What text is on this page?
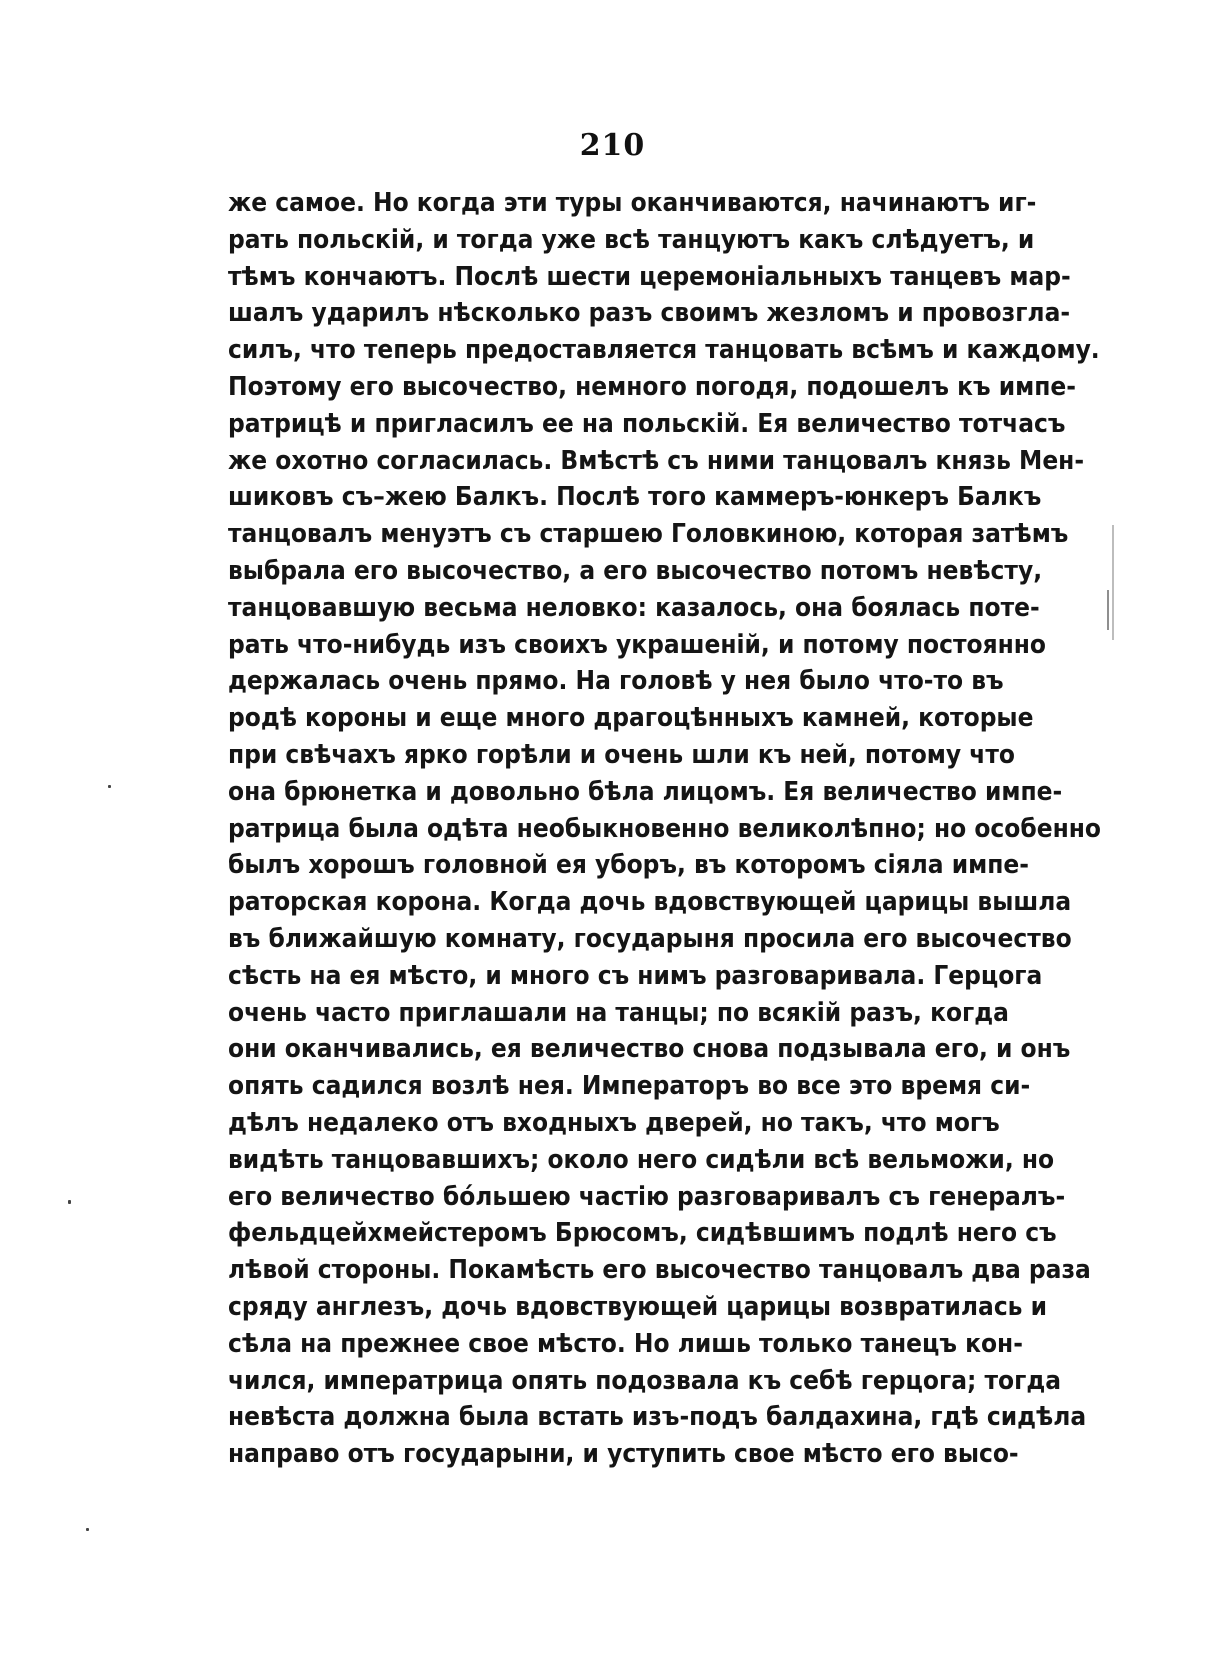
210
же самое. Но когда эти туры оканчиваются, начинаютъ иг-
рать польскій, и тогда уже всѣ танцуютъ какъ слѣдуетъ, и
тѣмъ кончаютъ. Послѣ шести церемоніальныхъ танцевъ мар-
шалъ ударилъ нѣсколько разъ своимъ жезломъ и провозгла-
силъ, что теперь предоставляется танцовать всѣмъ и каждому.
Поэтому его высочество, немного погодя, подошелъ къ импе-
ратрицѣ и пригласилъ ее на польскій. Ея величество тотчасъ
же охотно согласилась. Вмѣстѣ съ ними танцовалъ князь Мен-
шиковъ съ–жею Балкъ. Послѣ того каммеръ-юнкеръ Балкъ
танцовалъ менуэтъ съ старшею Головкиною, которая затѣмъ
выбрала его высочество, а его высочество потомъ невѣсту,
танцовавшую весьма неловко: казалось, она боялась поте-
рать что-нибудь изъ своихъ украшеній, и потому постоянно
держалась очень прямо. На головѣ у нея было что-то въ
родѣ короны и еще много драгоцѣнныхъ камней, которые
при свѣчахъ ярко горѣли и очень шли къ ней, потому что
она брюнетка и довольно бѣла лицомъ. Ея величество импе-
ратрица была одѣта необыкновенно великолѣпно; но особенно
былъ хорошъ головной ея уборъ, въ которомъ сіяла импе-
раторская корона. Когда дочь вдовствующей царицы вышла
въ ближайшую комнату, государыня просила его высочество
сѣсть на ея мѣсто, и много съ нимъ разговаривала. Герцога
очень часто приглашали на танцы; по всякій разъ, когда
они оканчивались, ея величество снова подзывала его, и онъ
опять садился возлѣ нея. Императоръ во все это время си-
дѣлъ недалеко отъ входныхъ дверей, но такъ, что могъ
видѣть танцовавшихъ; около него сидѣли всѣ вельможи, но
его величество бóльшею частію разговаривалъ съ генералъ-
фельдцейхмейстеромъ Брюсомъ, сидѣвшимъ подлѣ него съ
лѣвой стороны. Покамѣсть его высочество танцовалъ два раза
сряду англезъ, дочь вдовствующей царицы возвратилась и
сѣла на прежнее свое мѣсто. Но лишь только танецъ кон-
чился, императрица опять подозвала къ себѣ герцога; тогда
невѣста должна была встать изъ-подъ балдахина, гдѣ сидѣла
направо отъ государыни, и уступить свое мѣсто его высо-
